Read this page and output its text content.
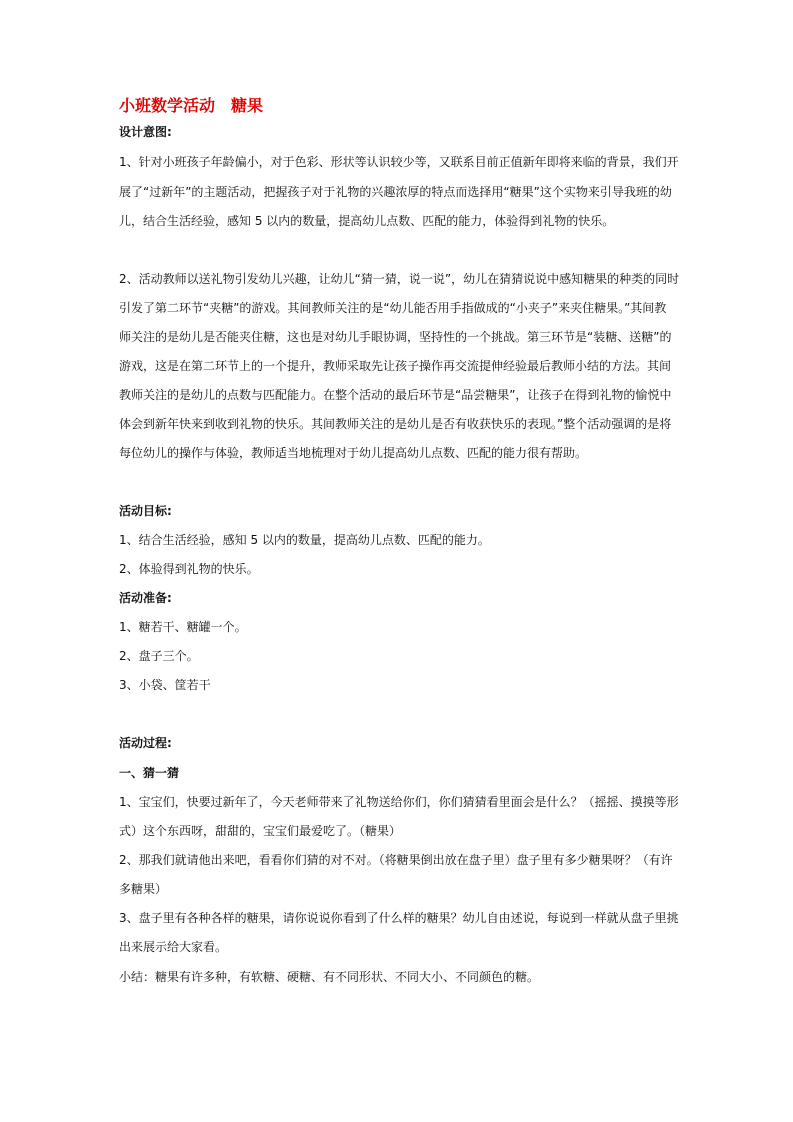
小班数学活动　糖果
设计意图:
1、针对小班孩子年龄偏小，对于色彩、形状等认识较少等，又联系目前正值新年即将来临的背景，我们开
展了“过新年”的主题活动，把握孩子对于礼物的兴趣浓厚的特点而选择用“糖果”这个实物来引导我班的幼
儿，结合生活经验，感知 5 以内的数量，提高幼儿点数、匹配的能力，体验得到礼物的快乐。
2、活动教师以送礼物引发幼儿兴趣，让幼儿“猜一猜，说一说”，幼儿在猜猜说说中感知糖果的种类的同时
引发了第二环节“夹糖”的游戏。其间教师关注的是“幼儿能否用手指做成的“小夹子”来夹住糖果。”其间教
师关注的是幼儿是否能夹住糖，这也是对幼儿手眼协调，坚持性的一个挑战。第三环节是“装糖、送糖”的
游戏，这是在第二环节上的一个提升，教师采取先让孩子操作再交流提伸经验最后教师小结的方法。其间
教师关注的是幼儿的点数与匹配能力。在整个活动的最后环节是“品尝糖果”，让孩子在得到礼物的愉悦中
体会到新年快来到收到礼物的快乐。其间教师关注的是幼儿是否有收获快乐的表现。”整个活动强调的是将
每位幼儿的操作与体验，教师适当地梳理对于幼儿提高幼儿点数、匹配的能力很有帮助。
活动目标:
1、结合生活经验，感知 5 以内的数量，提高幼儿点数、匹配的能力。
2、体验得到礼物的快乐。
活动准备:
1、糖若干、糖罐一个。
2、盘子三个。
3、小袋、筐若干
活动过程:
一、猜一猜
1、宝宝们，快要过新年了，今天老师带来了礼物送给你们，你们猜猜看里面会是什么？（摇摇、摸摸等形
式）这个东西呀，甜甜的，宝宝们最爱吃了。（糖果）
2、那我们就请他出来吧，看看你们猜的对不对。（将糖果倒出放在盘子里）盘子里有多少糖果呀？（有许
多糖果）
3、盘子里有各种各样的糖果，请你说说你看到了什么样的糖果？幼儿自由述说，每说到一样就从盘子里挑
出来展示给大家看。
小结：糖果有许多种，有软糖、硬糖、有不同形状、不同大小、不同颜色的糖。
